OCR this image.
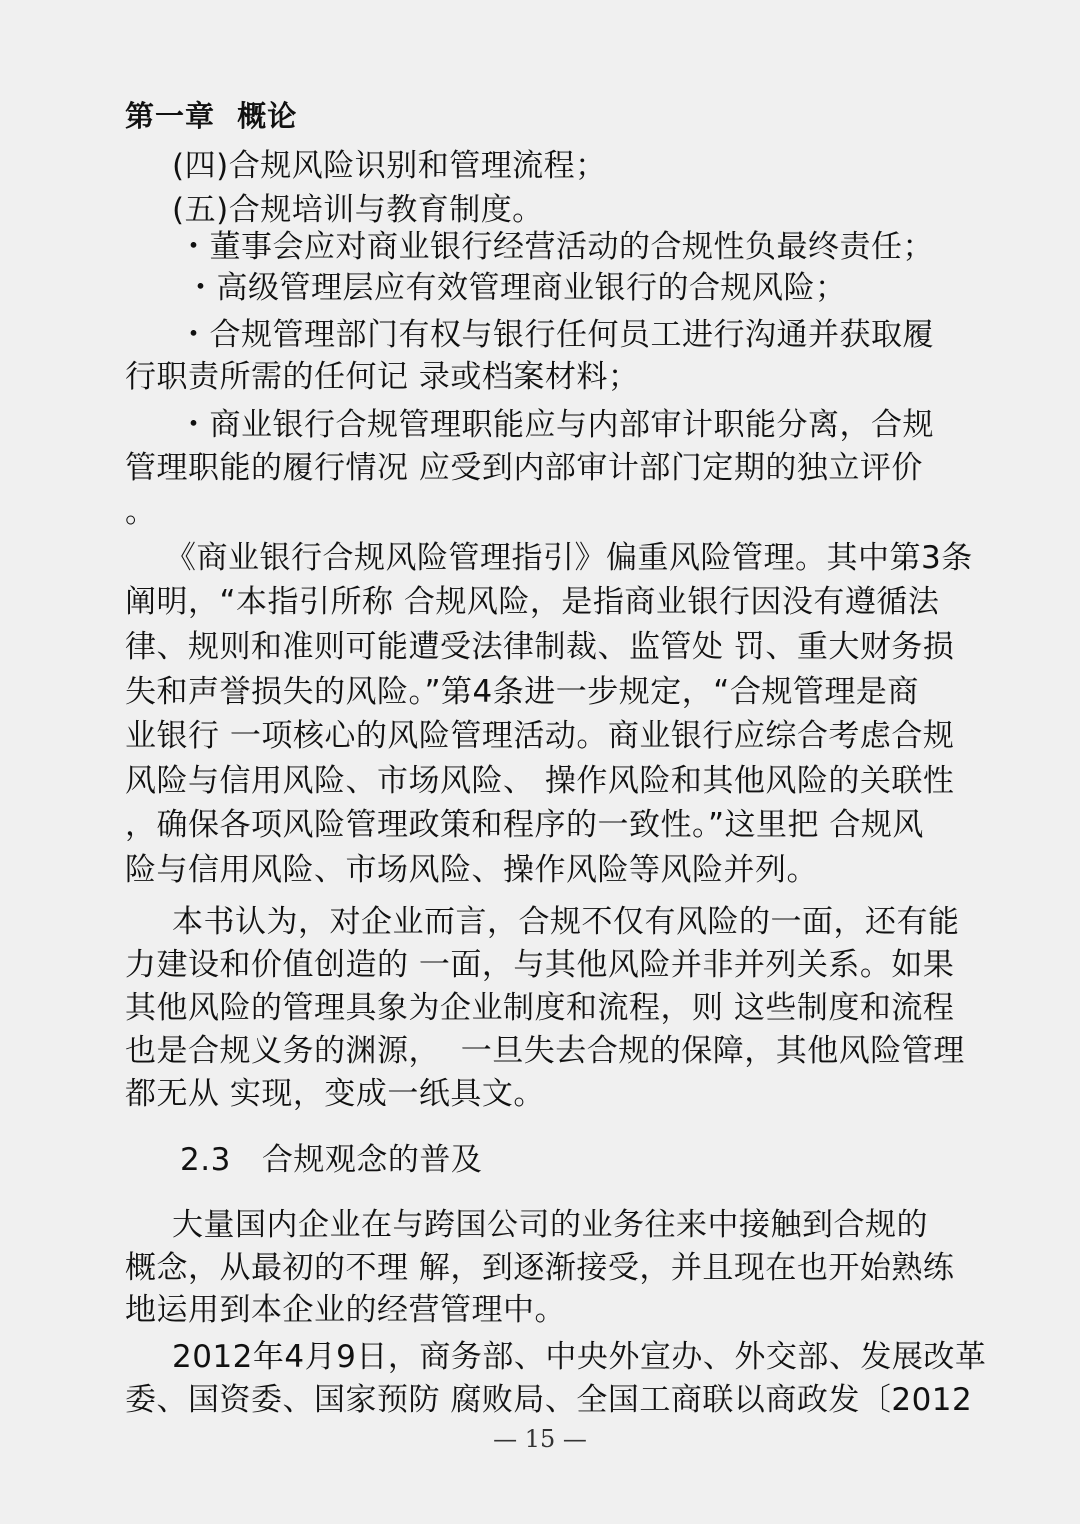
第一章  概论
(四)合规风险识别和管理流程；
(五)合规培训与教育制度。
・董事会应对商业银行经营活动的合规性负最终责任；
・高级管理层应有效管理商业银行的合规风险；
・合规管理部门有权与银行任何员工进行沟通并获取履
行职责所需的任何记 录或档案材料；
・商业银行合规管理职能应与内部审计职能分离，合规
管理职能的履行情况 应受到内部审计部门定期的独立评价
。
《商业银行合规风险管理指引》偏重风险管理。其中第3条
阐明，“本指引所称 合规风险，是指商业银行因没有遵循法
律、规则和准则可能遭受法律制裁、监管处 罚、重大财务损
失和声誉损失的风险。”第4条进一步规定，“合规管理是商
业银行 一项核心的风险管理活动。商业银行应综合考虑合规
风险与信用风险、市场风险、 操作风险和其他风险的关联性
，确保各项风险管理政策和程序的一致性。”这里把 合规风
险与信用风险、市场风险、操作风险等风险并列。
本书认为，对企业而言，合规不仅有风险的一面，还有能
力建设和价值创造的 一面，与其他风险并非并列关系。如果
其他风险的管理具象为企业制度和流程，则 这些制度和流程
也是合规义务的渊源，  一旦失去合规的保障，其他风险管理
都无从 实现，变成一纸具文。
2.3   合规观念的普及
大量国内企业在与跨国公司的业务往来中接触到合规的
概念，从最初的不理 解，到逐渐接受，并且现在也开始熟练
地运用到本企业的经营管理中。
2012年4月9日，商务部、中央外宣办、外交部、发展改革
委、国资委、国家预防 腐败局、全国工商联以商政发〔2012
— 15 —
